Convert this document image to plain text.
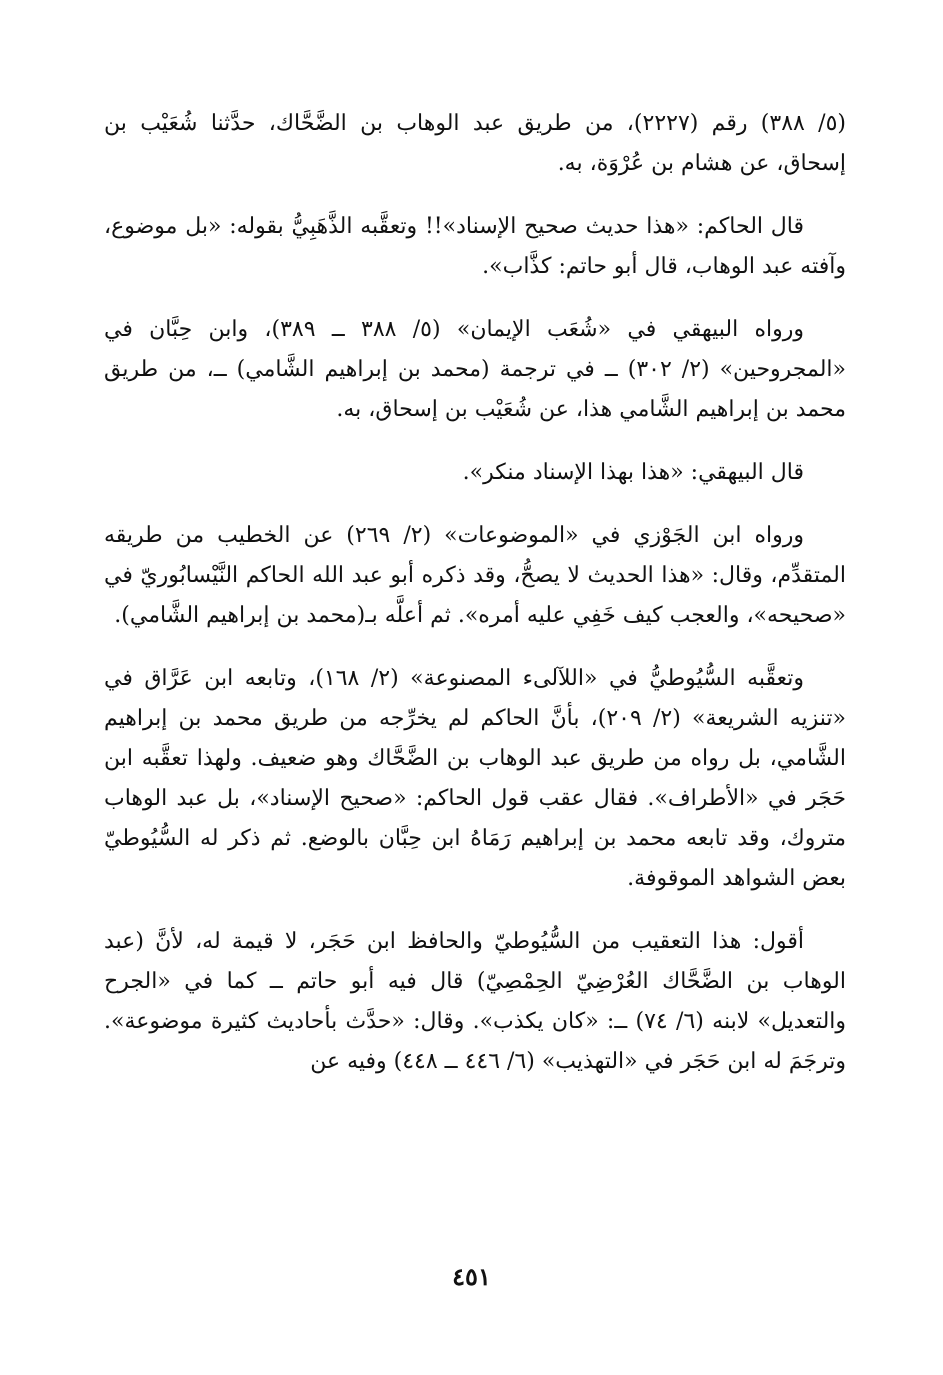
(٥/ ٣٨٨) رقم (٢٢٢٧)، من طريق عبد الوهاب بن الضَّحَّاك، حدَّثنا شُعَيْب بن إسحاق، عن هشام بن عُرْوَة، به.

قال الحاكم: «هذا حديث صحيح الإسناد»!! وتعقَّبه الذَّهَبِيُّ بقوله: «بل موضوع، وآفته عبد الوهاب، قال أبو حاتم: كذَّاب».

ورواه البيهقي في «شُعَب الإيمان» (٥/ ٣٨٨ ــ ٣٨٩)، وابن حِبَّان في «المجروحين» (٢/ ٣٠٢) ــ في ترجمة (محمد بن إبراهيم الشَّامي) ــ، من طريق محمد بن إبراهيم الشَّامي هذا، عن شُعَيْب بن إسحاق، به.

قال البيهقي: «هذا بهذا الإسناد منكر».

ورواه ابن الجَوْزي في «الموضوعات» (٢/ ٢٦٩) عن الخطيب من طريقه المتقدِّم، وقال: «هذا الحديث لا يصحُّ، وقد ذكره أبو عبد الله الحاكم النَّيْسابُوريّ في «صحيحه»، والعجب كيف خَفِي عليه أمره». ثم أعلَّه بـ(محمد بن إبراهيم الشَّامي).

وتعقَّبه السُّيُوطيُّ في «اللآلىء المصنوعة» (٢/ ١٦٨)، وتابعه ابن عَرَّاق في «تنزيه الشريعة» (٢/ ٢٠٩)، بأنَّ الحاكم لم يخرِّجه من طريق محمد بن إبراهيم الشَّامي، بل رواه من طريق عبد الوهاب بن الضَّحَّاك وهو ضعيف. ولهذا تعقَّبه ابن حَجَر في «الأطراف». فقال عقب قول الحاكم: «صحيح الإسناد»، بل عبد الوهاب متروك، وقد تابعه محمد بن إبراهيم رَمَاهُ ابن حِبَّان بالوضع. ثم ذكر له السُّيُوطيّ بعض الشواهد الموقوفة.

أقول: هذا التعقيب من السُّيُوطيّ والحافظ ابن حَجَر، لا قيمة له، لأنَّ (عبد الوهاب بن الضَّحَّاك العُرْضِيّ الحِمْصِيّ) قال فيه أبو حاتم ــ كما في «الجرح والتعديل» لابنه (٦/ ٧٤) ــ: «كان يكذب». وقال: «حدَّث بأحاديث كثيرة موضوعة». وترجَمَ له ابن حَجَر في «التهذيب» (٦/ ٤٤٦ ــ ٤٤٨) وفيه عن

٤٥١
